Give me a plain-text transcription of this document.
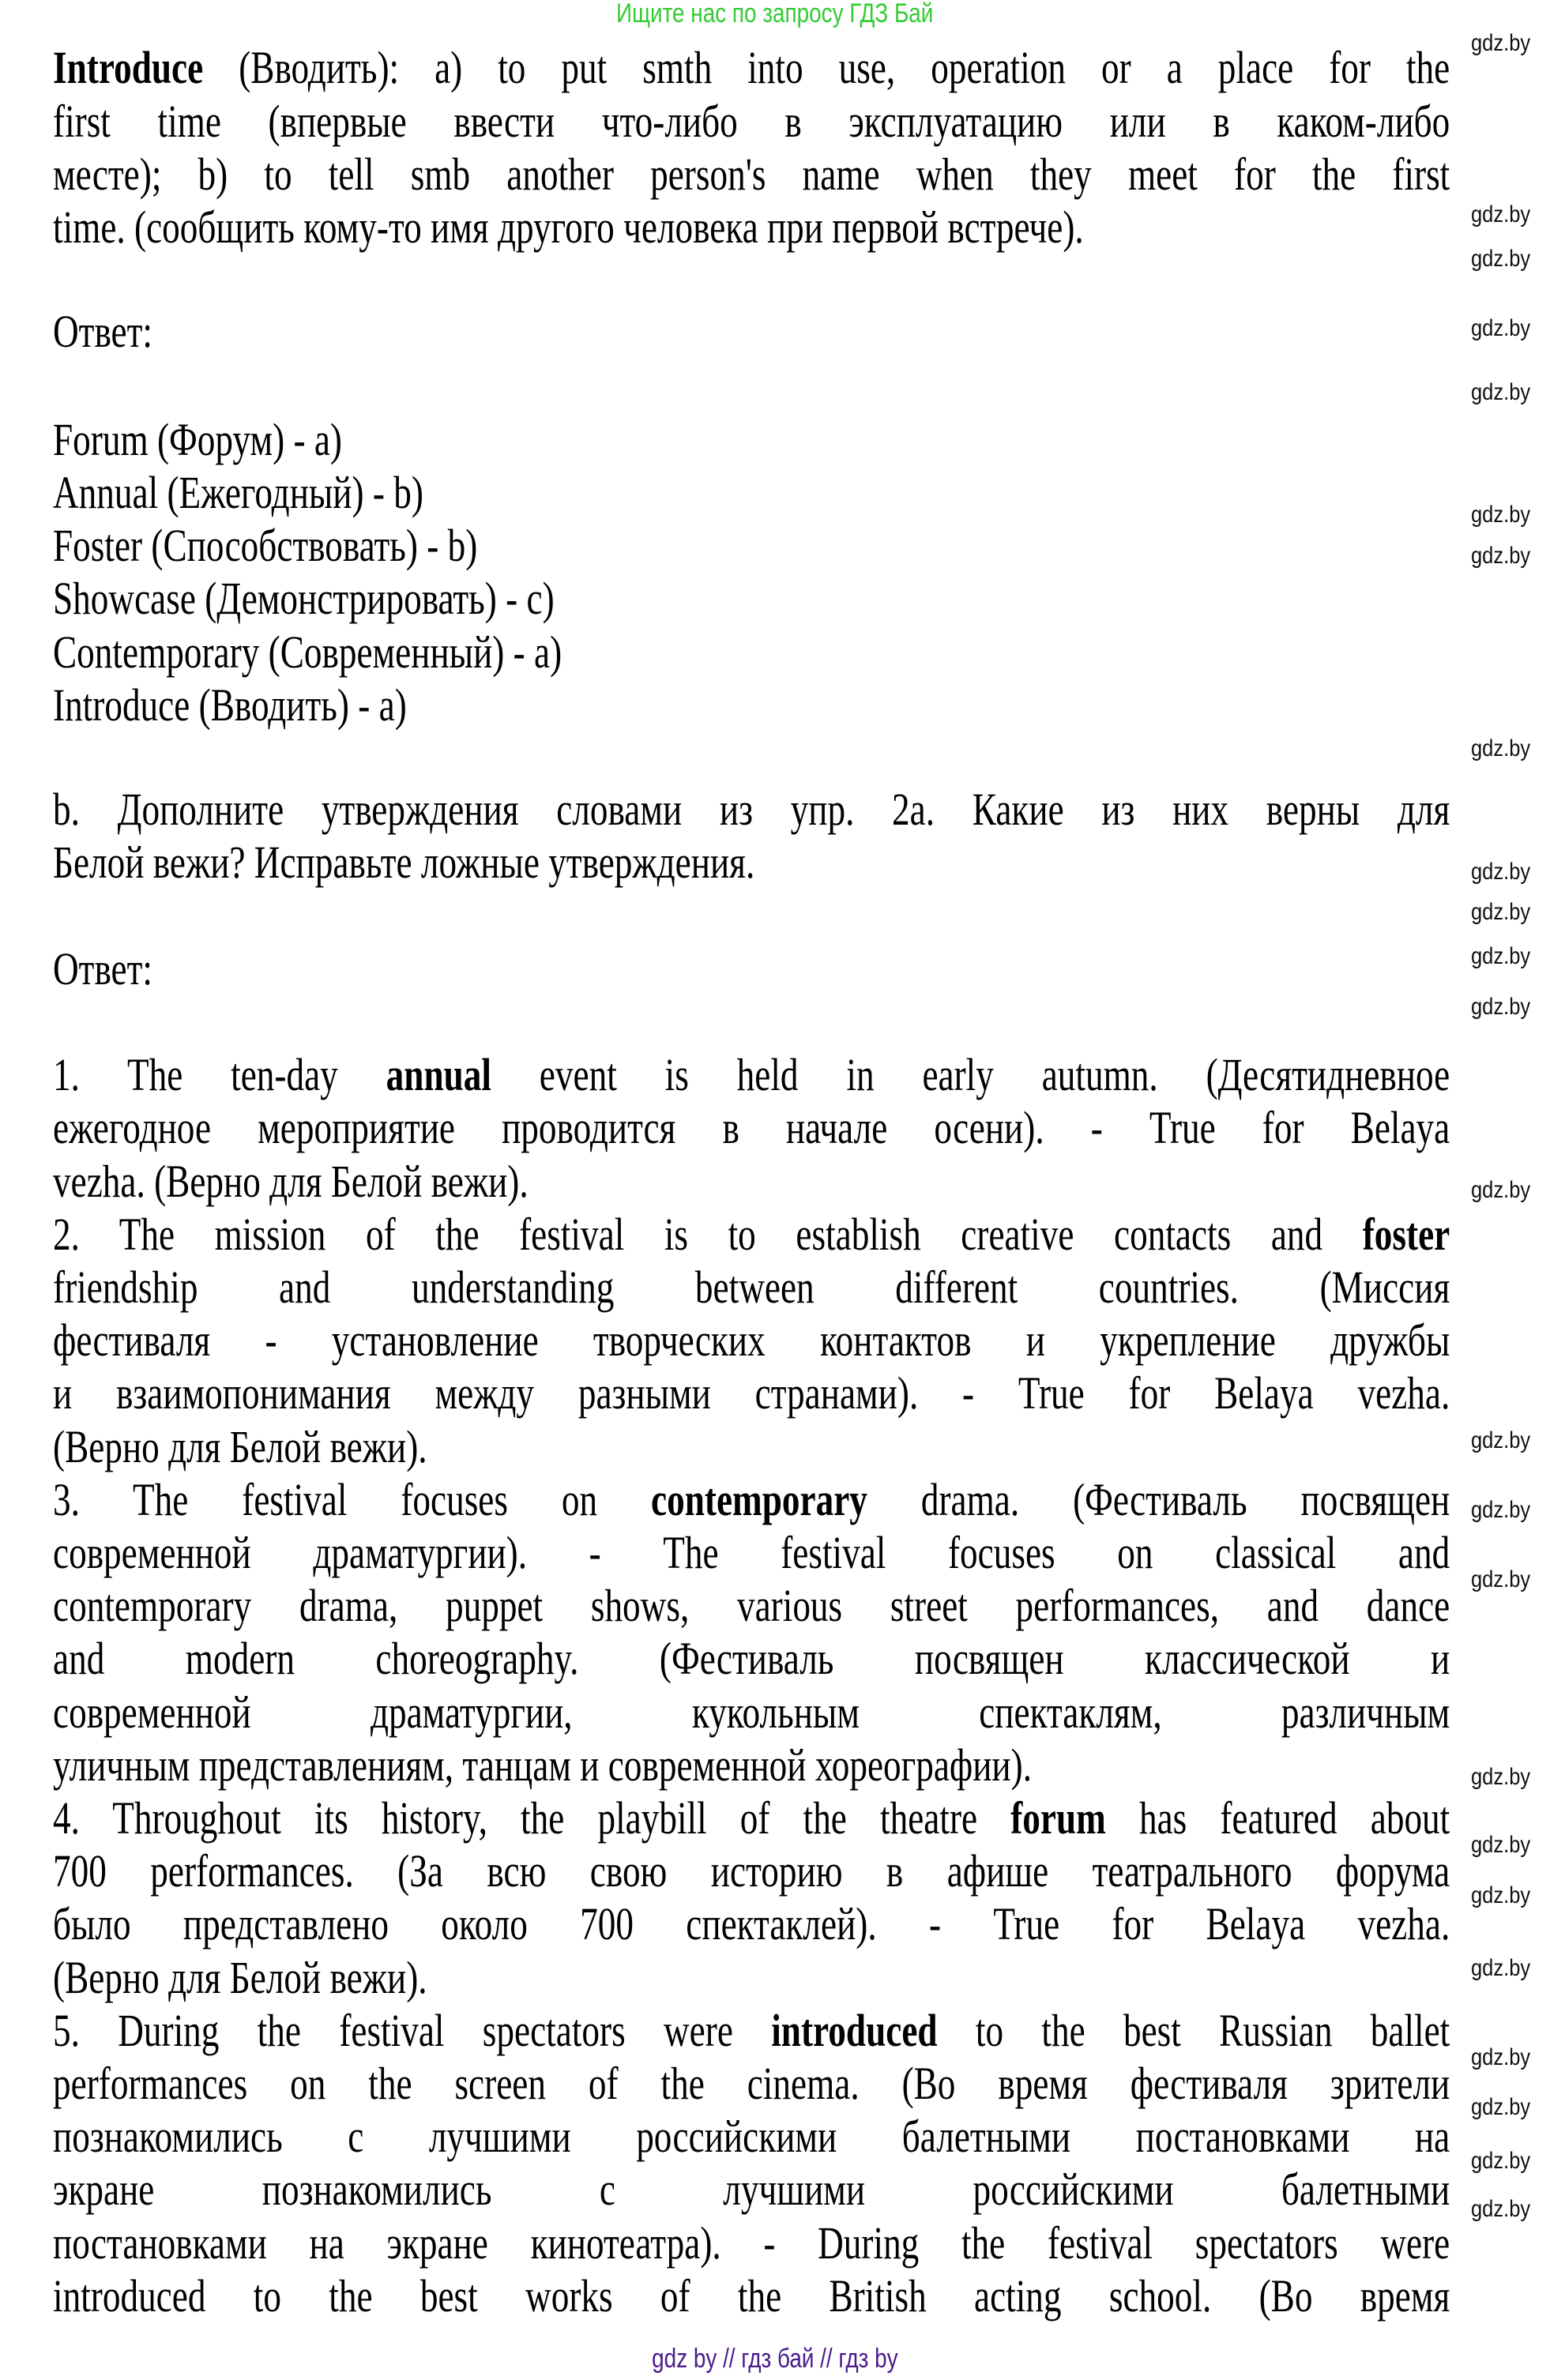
Ищите нас по запросу ГДЗ Бай
Introduce (Вводить): a) to put smth into use, operation or a place for the
first time (впервые ввести что-либо в эксплуатацию или в каком-либо
месте); b) to tell smb another person's name when they meet for the first
time. (сообщить кому-то имя другого человека при первой встрече).
Ответ:
Forum (Форум) - a)
Annual (Ежегодный) - b)
Foster (Способствовать) - b)
Showcase (Демонстрировать) - c)
Contemporary (Современный) - a)
Introduce (Вводить) - a)
b. Дополните утверждения словами из упр. 2a. Какие из них верны для
Белой вежи? Исправьте ложные утверждения.
Ответ:
1. The ten-day annual event is held in early autumn. (Десятидневное
ежегодное мероприятие проводится в начале осени). - True for Belaya
vezha. (Верно для Белой вежи).
2. The mission of the festival is to establish creative contacts and foster
friendship and understanding between different countries. (Миссия
фестиваля - установление творческих контактов и укрепление дружбы
и взаимопонимания между разными странами). - True for Belaya vezha.
(Верно для Белой вежи).
3. The festival focuses on contemporary drama. (Фестиваль посвящен
современной драматургии). - The festival focuses on classical and
contemporary drama, puppet shows, various street performances, and dance
and modern choreography. (Фестиваль посвящен классической и
современной драматургии, кукольным спектаклям, различным
уличным представлениям, танцам и современной хореографии).
4. Throughout its history, the playbill of the theatre forum has featured about
700 performances. (За всю свою историю в афише театрального форума
было представлено около 700 спектаклей). - True for Belaya vezha.
(Верно для Белой вежи).
5. During the festival spectators were introduced to the best Russian ballet
performances on the screen of the cinema. (Во время фестиваля зрители
познакомились с лучшими российскими балетными постановками на
экране познакомились с лучшими российскими балетными
постановками на экране кинотеатра). - During the festival spectators were
introduced to the best works of the British acting school. (Во время
gdz.by
gdz.by
gdz.by
gdz.by
gdz.by
gdz.by
gdz.by
gdz.by
gdz.by
gdz.by
gdz.by
gdz.by
gdz.by
gdz.by
gdz.by
gdz.by
gdz.by
gdz.by
gdz.by
gdz.by
gdz.by
gdz.by
gdz.by
gdz.by
gdz by // гдз бай // гдз by
